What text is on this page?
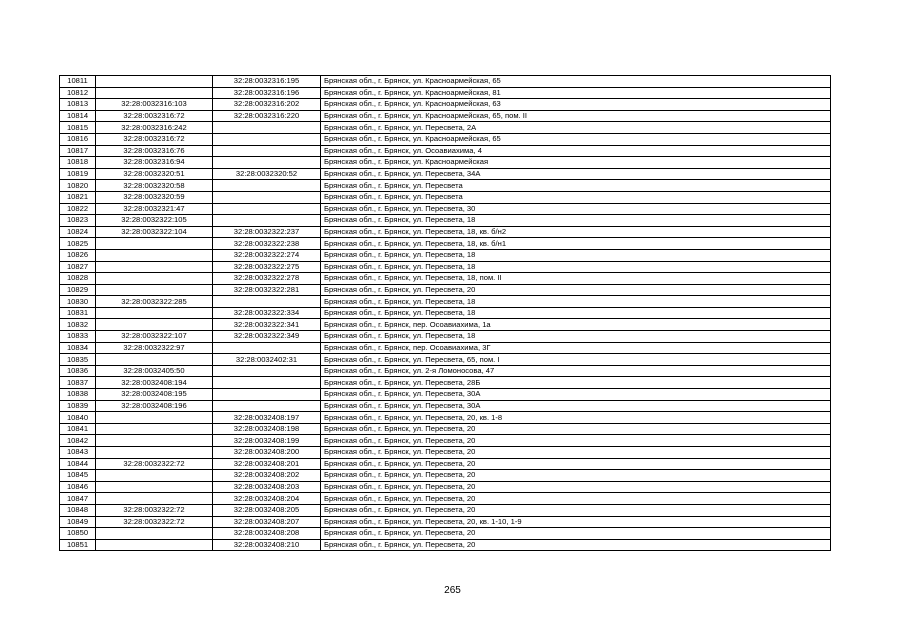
10811		32:28:0032316:195	Брянская обл., г. Брянск, ул. Красноармейская, 65
10812		32:28:0032316:196	Брянская обл., г. Брянск, ул. Красноармейская, 81
10813	32:28:0032316:103	32:28:0032316:202	Брянская обл., г. Брянск, ул. Красноармейская, 63
10814	32:28:0032316:72	32:28:0032316:220	Брянская обл., г. Брянск, ул. Красноармейская, 65, пом. II
10815	32:28:0032316:242		Брянская обл., г. Брянск, ул. Пересвета, 2А
10816	32:28:0032316:72		Брянская обл., г. Брянск, ул. Красноармейская, 65
10817	32:28:0032316:76		Брянская обл., г. Брянск, ул. Осоавиахима, 4
10818	32:28:0032316:94		Брянская обл., г. Брянск, ул. Красноармейская
10819	32:28:0032320:51	32:28:0032320:52	Брянская обл., г. Брянск, ул. Пересвета, 34А
10820	32:28:0032320:58		Брянская обл., г. Брянск, ул. Пересвета
10821	32:28:0032320:59		Брянская обл., г. Брянск, ул. Пересвета
10822	32:28:0032321:47		Брянская обл., г. Брянск, ул. Пересвета, 30
10823	32:28:0032322:105		Брянская обл., г. Брянск, ул. Пересвета, 18
10824	32:28:0032322:104	32:28:0032322:237	Брянская обл., г. Брянск, ул. Пересвета, 18, кв. б/н2
10825		32:28:0032322:238	Брянская обл., г. Брянск, ул. Пересвета, 18, кв. б/н1
10826		32:28:0032322:274	Брянская обл., г. Брянск, ул. Пересвета, 18
10827		32:28:0032322:275	Брянская обл., г. Брянск, ул. Пересвета, 18
10828		32:28:0032322:278	Брянская обл., г. Брянск, ул. Пересвета, 18, пом. II
10829		32:28:0032322:281	Брянская обл., г. Брянск, ул. Пересвета, 20
10830	32:28:0032322:285		Брянская обл., г. Брянск, ул. Пересвета, 18
10831		32:28:0032322:334	Брянская обл., г. Брянск, ул. Пересвета, 18
10832		32:28:0032322:341	Брянская обл., г. Брянск, пер. Осоавиахима, 1а
10833	32:28:0032322:107	32:28:0032322:349	Брянская обл., г. Брянск, ул. Пересвета, 18
10834	32:28:0032322:97		Брянская обл., г. Брянск, пер. Осоавиахима, 3Г
10835		32:28:0032402:31	Брянская обл., г. Брянск, ул. Пересвета, 65, пом. I
10836	32:28:0032405:50		Брянская обл., г. Брянск, ул. 2-я Ломоносова, 47
10837	32:28:0032408:194		Брянская обл., г. Брянск, ул. Пересвета, 28Б
10838	32:28:0032408:195		Брянская обл., г. Брянск, ул. Пересвета, 30А
10839	32:28:0032408:196		Брянская обл., г. Брянск, ул. Пересвета, 30А
10840		32:28:0032408:197	Брянская обл., г. Брянск, ул. Пересвета, 20, кв. 1-8
10841		32:28:0032408:198	Брянская обл., г. Брянск, ул. Пересвета, 20
10842		32:28:0032408:199	Брянская обл., г. Брянск, ул. Пересвета, 20
10843		32:28:0032408:200	Брянская обл., г. Брянск, ул. Пересвета, 20
10844	32:28:0032322:72	32:28:0032408:201	Брянская обл., г. Брянск, ул. Пересвета, 20
10845		32:28:0032408:202	Брянская обл., г. Брянск, ул. Пересвета, 20
10846		32:28:0032408:203	Брянская обл., г. Брянск, ул. Пересвета, 20
10847		32:28:0032408:204	Брянская обл., г. Брянск, ул. Пересвета, 20
10848	32:28:0032322:72	32:28:0032408:205	Брянская обл., г. Брянск, ул. Пересвета, 20
10849	32:28:0032322:72	32:28:0032408:207	Брянская обл., г. Брянск, ул. Пересвета, 20, кв. 1-10, 1-9
10850		32:28:0032408:208	Брянская обл., г. Брянск, ул. Пересвета, 20
10851		32:28:0032408:210	Брянская обл., г. Брянск, ул. Пересвета, 20
265
